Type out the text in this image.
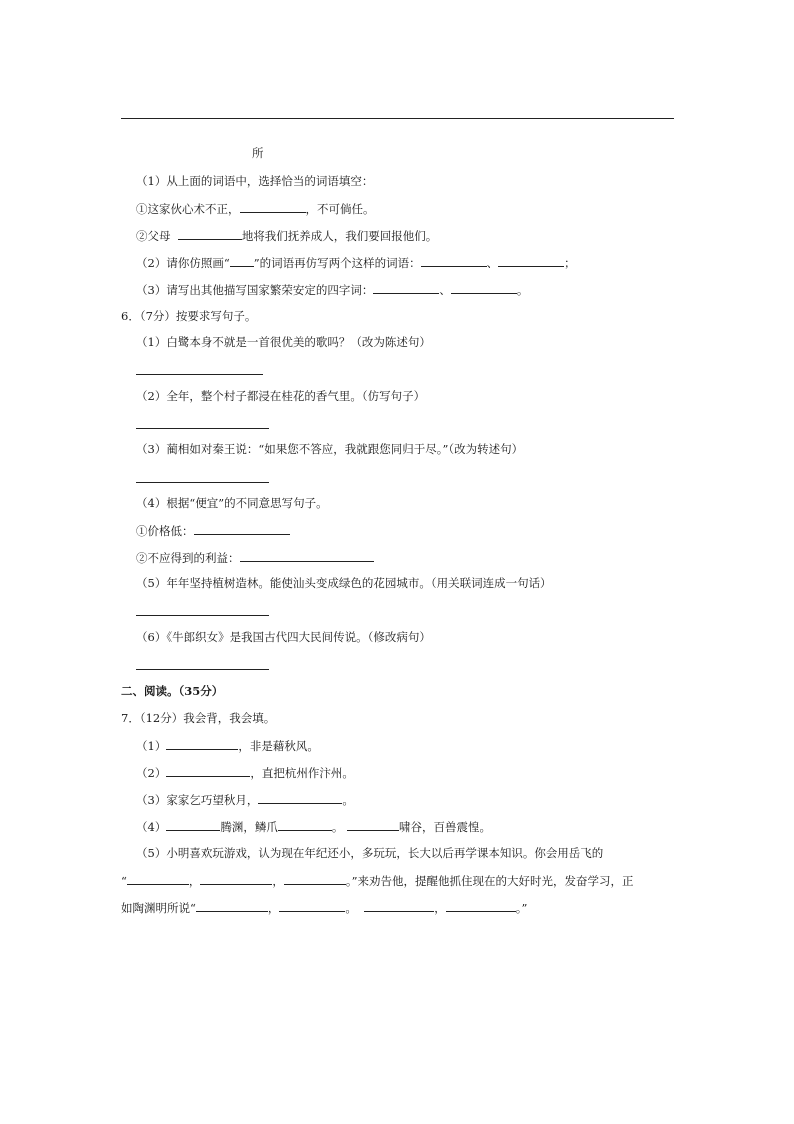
所
（1）从上面的词语中，选择恰当的词语填空：
①这家伙心术不正，	，不可倘任。
②父母	地将我们抚养成人，我们要回报他们。
（2）请你仿照画“ ”的词语再仿写两个这样的词语：	、	；
（3）请写出其他描写国家繁荣安定的四字词：	、	。
6．（7分）按要求写句子。
（1）白鹭本身不就是一首很优美的歌吗？（改为陈述句）
（2）全年，整个村子都浸在桂花的香气里。（仿写句子）
（3）蔺相如对秦王说：“如果您不答应，我就跟您同归于尽。”（改为转述句）
（4）根据“便宜”的不同意思写句子。
①价格低：
②不应得到的利益：
（5）年年坚持植树造林。能使汕头变成绿色的花园城市。（用关联词连成一句话）
（6）《牛郎织女》是我国古代四大民间传说。（修改病句）
二、阅读。（35分）
7．（12分）我会背，我会填。
（1）	，非是藉秋风。
（2）	，直把杭州作汴州。
（3）家家乞巧望秋月，	。
（4）	腾渊，鳞爪	。	啸谷，百兽震惶。
（5）小明喜欢玩游戏，认为现在年纪还小，多玩玩，长大以后再学课本知识。你会用岳飞的
“	，	，	。”来劝告他，提醒他抓住现在的大好时光，发奋学习，正
如陶渊明所说“	，	。	，	。”
